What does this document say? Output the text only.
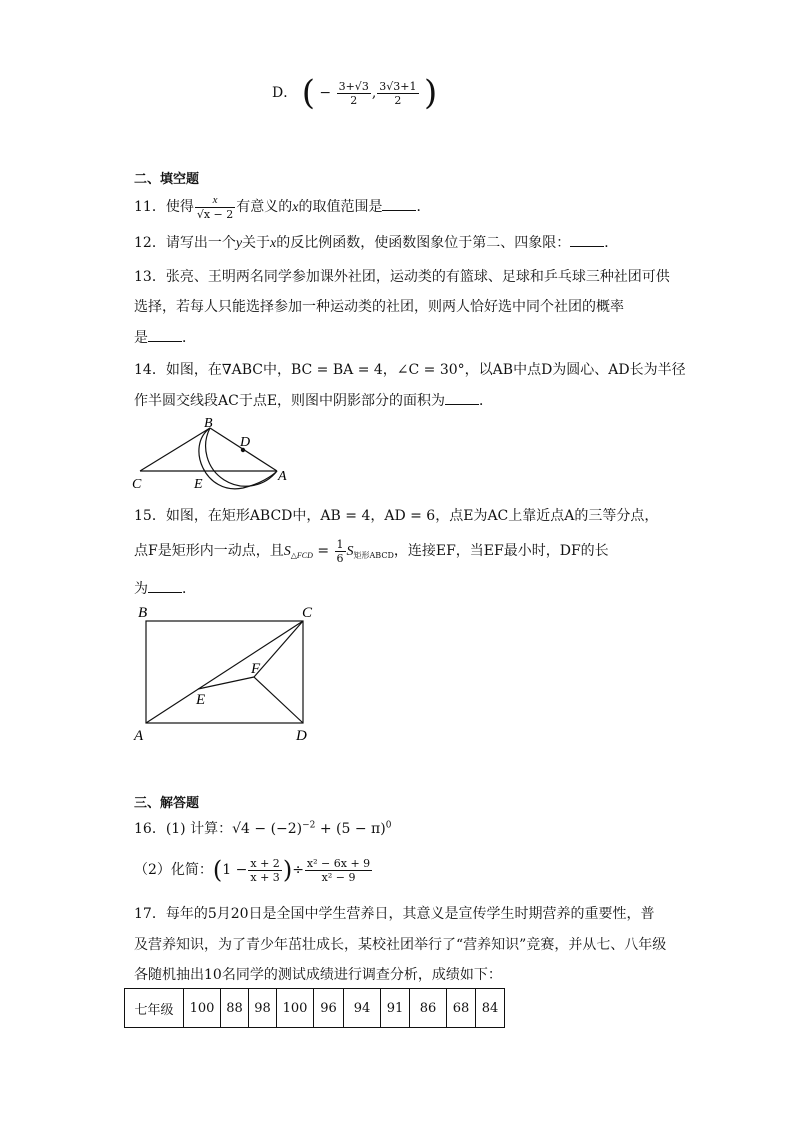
D． ( − $\frac{3+√3}{2}$ , $\frac{3√3+1}{2}$ )
二、填空题
11．使得 $\frac{x}{√x - 2}$ 有意义的x的取值范围是 ．
12．请写出一个y关于x的反比例函数，使函数图象位于第二、四象限： ．
13．张亮、王明两名同学参加课外社团，运动类的有篮球、足球和乒乓球三种社团可供
选择，若每人只能选择参加一种运动类的社团，则两人恰好选中同个社团的概率
是 ．
14．如图，在∇ABC中，BC = BA = 4，∠C = 30°，以AB中点D为圆心、AD长为半径
作半圆交线段AC于点E，则图中阴影部分的面积为 ．
B
D
C	E
A
15．如图，在矩形ABCD中，AB = 4，AD = 6，点E为AC上靠近点A的三等分点，
点F是矩形内一动点，且$S_{\triangle FCD} = \frac{1}{6} S_{矩形ABCD}$，连接EF，当EF最小时，DF的长
为 ．
B	C
F
E
A	D
三、解答题
16．(1) 计算：$√4 - (-2)^{-2} + (5 - \pi)^0$
（2）化简：($1 - \frac{x + 2}{x + 3}$ )÷ $\frac{\text{x² − 6x + 9}}{\text{x² − 9}}$
17．每年的5月20日是全国中学生营养日，其意义是宣传学生时期营养的重要性，普
及营养知识，为了青少年茁壮成长，某校社团举行了“营养知识”竞赛，并从七、八年级
各随机抽出10名同学的测试成绩进行调查分析，成绩如下：
七年级	100	88	98	100	96	94	91	86	68	84
